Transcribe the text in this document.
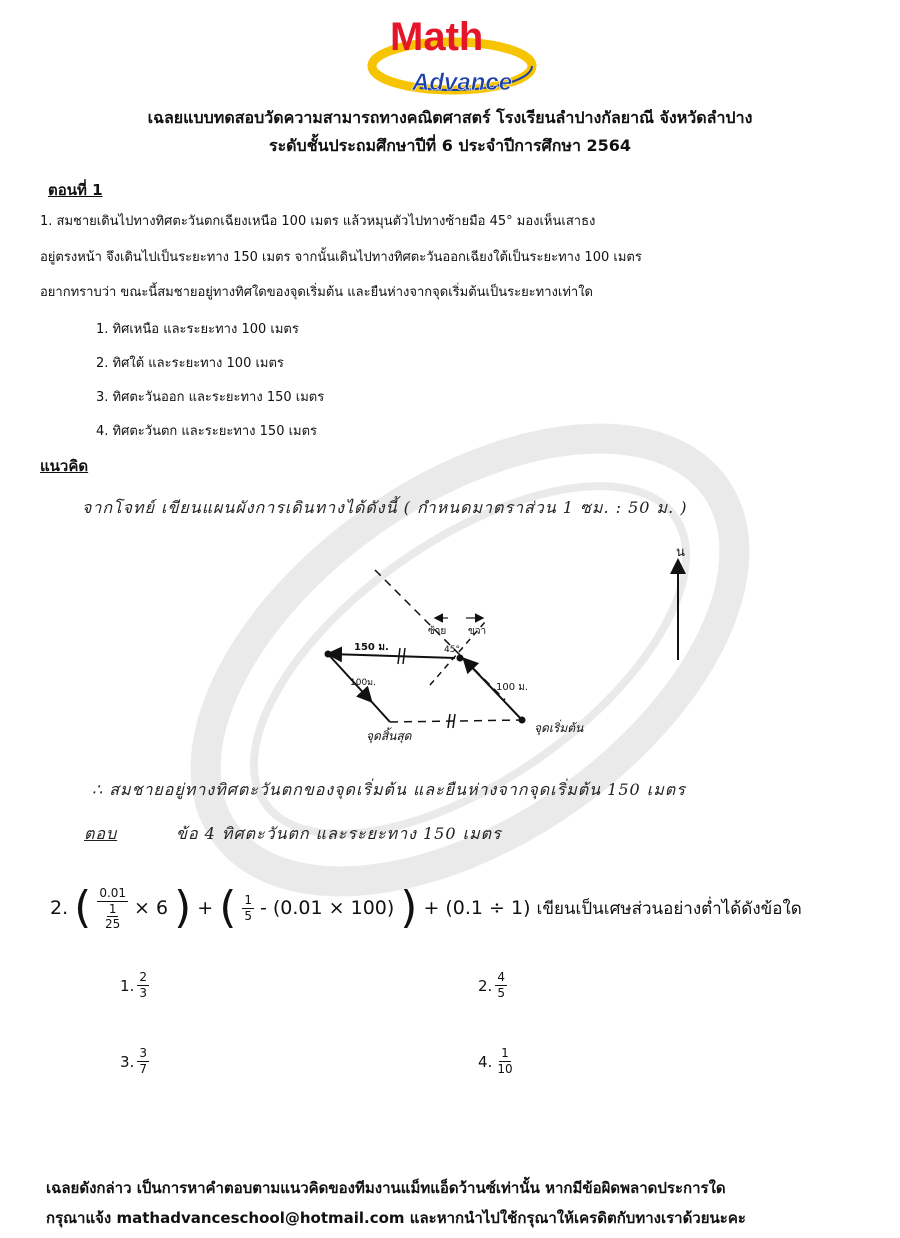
Math
Advance
เฉลยแบบทดสอบวัดความสามารถทางคณิตศาสตร์ โรงเรียนลำปางกัลยาณี จังหวัดลำปาง
ระดับชั้นประถมศึกษาปีที่ 6 ประจำปีการศึกษา 2564
ตอนที่ 1
1. สมชายเดินไปทางทิศตะวันตกเฉียงเหนือ 100 เมตร แล้วหมุนตัวไปทางซ้ายมือ 45° มองเห็นเสาธง
อยู่ตรงหน้า จึงเดินไปเป็นระยะทาง 150 เมตร จากนั้นเดินไปทางทิศตะวันออกเฉียงใต้เป็นระยะทาง 100 เมตร
อยากทราบว่า ขณะนี้สมชายอยู่ทางทิศใดของจุดเริ่มต้น และยืนห่างจากจุดเริ่มต้นเป็นระยะทางเท่าใด
1. ทิศเหนือ และระยะทาง 100 เมตร
2. ทิศใต้ และระยะทาง 100 เมตร
3. ทิศตะวันออก และระยะทาง 150 เมตร
4. ทิศตะวันตก และระยะทาง 150 เมตร
แนวคิด
จากโจทย์ เขียนแผนผังการเดินทางได้ดังนี้ ( กำหนดมาตราส่วน 1 ซม. : 50 ม. )
น
ซ้าย ขวา
150 ม.
100ม.	100 ม.
45°
จุดสิ้นสุด
จุดเริ่มต้น
∴ สมชายอยู่ทางทิศตะวันตกของจุดเริ่มต้น และยืนห่างจากจุดเริ่มต้น 150 เมตร
ตอบ	ข้อ 4 ทิศตะวันตก และระยะทาง 150 เมตร
2. ( 0.01
1
25 × 6 ) + ( $\frac{1}{5} - (0.01 \times 100)$ ) + (0.1 ÷ 1) เขียนเป็นเศษส่วนอย่างต่ำได้ดังข้อใด
1. $\frac{2}{3}$	2. $\frac{4}{5}$
3. $\frac{3}{7}$	4. $\frac{1}{10}$
เฉลยดังกล่าว เป็นการหาคำตอบตามแนวคิดของทีมงานแม็ทแอ็ดว้านซ์เท่านั้น หากมีข้อผิดพลาดประการใด
กรุณาแจ้ง mathadvanceschool@hotmail.com และหากนำไปใช้กรุณาให้เครดิตกับทางเราด้วยนะคะ
